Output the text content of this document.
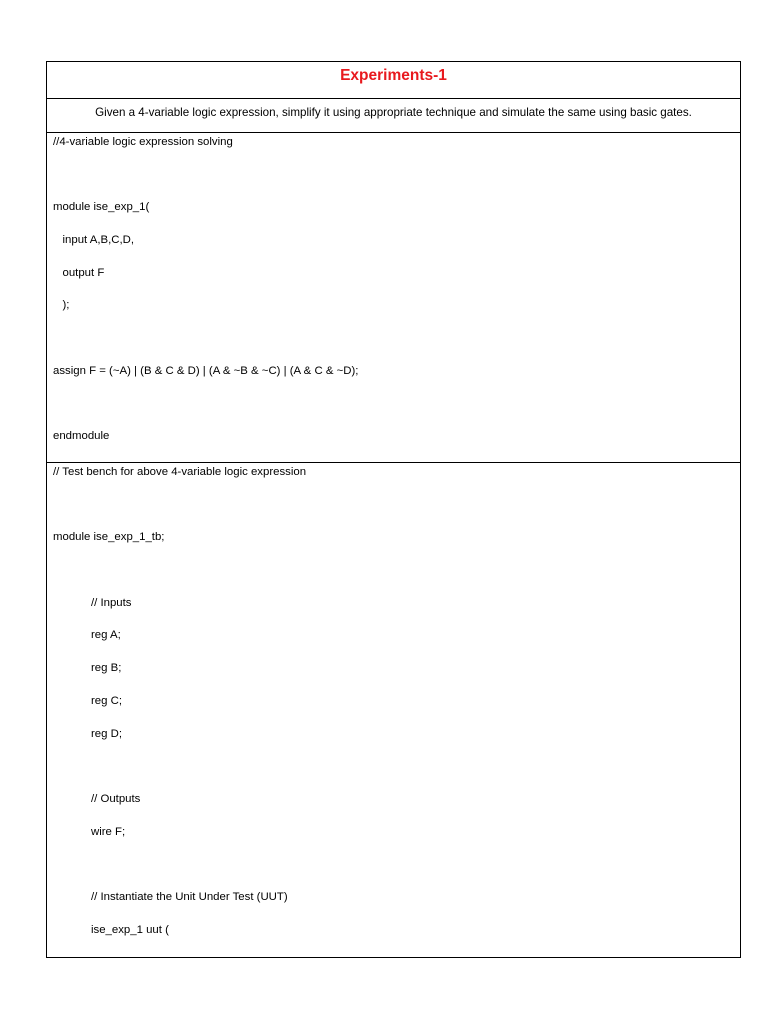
Experiments-1
Given a 4-variable logic expression, simplify it using appropriate technique and simulate the same using basic gates.
//4-variable logic expression solving
module ise_exp_1(
input A,B,C,D,
output F
);
assign F = (~A) | (B & C & D) | (A & ~B & ~C) | (A & C & ~D);
endmodule
// Test bench for above 4-variable logic expression
module ise_exp_1_tb;
// Inputs
reg A;
reg B;
reg C;
reg D;
// Outputs
wire F;
// Instantiate the Unit Under Test (UUT)
ise_exp_1 uut (
